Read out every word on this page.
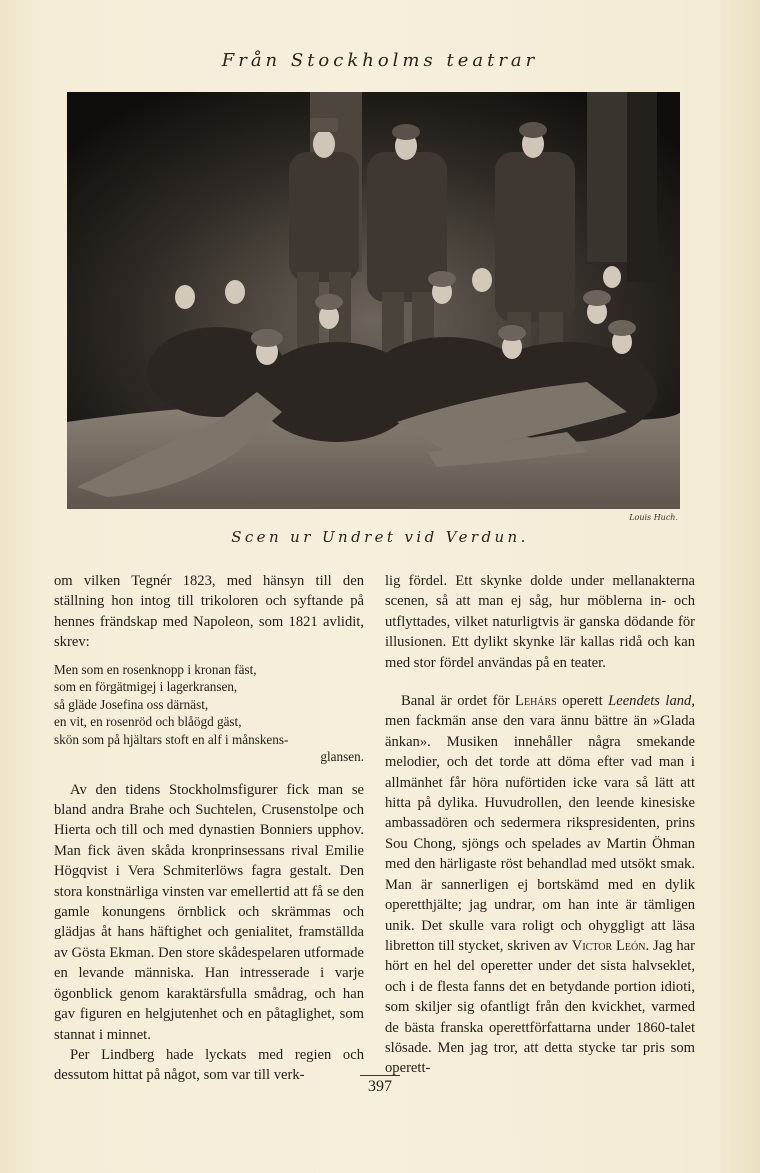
Från Stockholms teatrar
Louis Huch.
Scen ur Undret vid Verdun.

om vilken Tegnér 1823, med hänsyn till den ställning hon intog till trikoloren och syftande på hennes frändskap med Napoleon, som 1821 avlidit, skrev:

Men som en rosenknopp i kronan fäst,
som en förgätmigej i lagerkransen,
så gläde Josefina oss därnäst,
en vit, en rosenröd och blåögd gäst,
skön som på hjältars stoft en alf i månskens-
glansen.

Av den tidens Stockholmsfigurer fick man se bland andra Brahe och Suchtelen, Crusenstolpe och Hierta och till och med dynastien Bonniers upphov. Man fick även skåda kronprinsessans rival Emilie Högqvist i Vera Schmiterlöws fagra gestalt. Den stora konstnärliga vinsten var emellertid att få se den gamle konungens örnblick och skrämmas och glädjas åt hans häftighet och genialitet, framställda av Gösta Ekman. Den store skådespelaren utformade en levande människa. Han intresserade i varje ögonblick genom karaktärsfulla smådrag, och han gav figuren en helgjutenhet och en påtaglighet, som stannat i minnet.

Per Lindberg hade lyckats med regien och dessutom hittat på något, som var till verk-

lig fördel. Ett skynke dolde under mellanakterna scenen, så att man ej såg, hur möblerna in- och utflyttades, vilket naturligtvis är ganska dödande för illusionen. Ett dylikt skynke lär kallas ridå och kan med stor fördel användas på en teater.

Banal är ordet för Lehárs operett Leendets land, men fackmän anse den vara ännu bättre än »Glada änkan». Musiken innehåller några smekande melodier, och det torde att döma efter vad man i allmänhet får höra nuförtiden icke vara så lätt att hitta på dylika. Huvudrollen, den leende kinesiske ambassadören och sedermera rikspresidenten, prins Sou Chong, sjöngs och spelades av Martin Öhman med den härligaste röst behandlad med utsökt smak. Man är sannerligen ej bortskämd med en dylik operetthjälte; jag undrar, om han inte är tämligen unik. Det skulle vara roligt och ohyggligt att läsa libretton till stycket, skriven av Victor León. Jag har hört en hel del operetter under det sista halvseklet, och i de flesta fanns det en betydande portion idioti, som skiljer sig ofantligt från den kvickhet, varmed de bästa franska operettförfattarna under 1860-talet slösade. Men jag tror, att detta stycke tar pris som operett-

397
